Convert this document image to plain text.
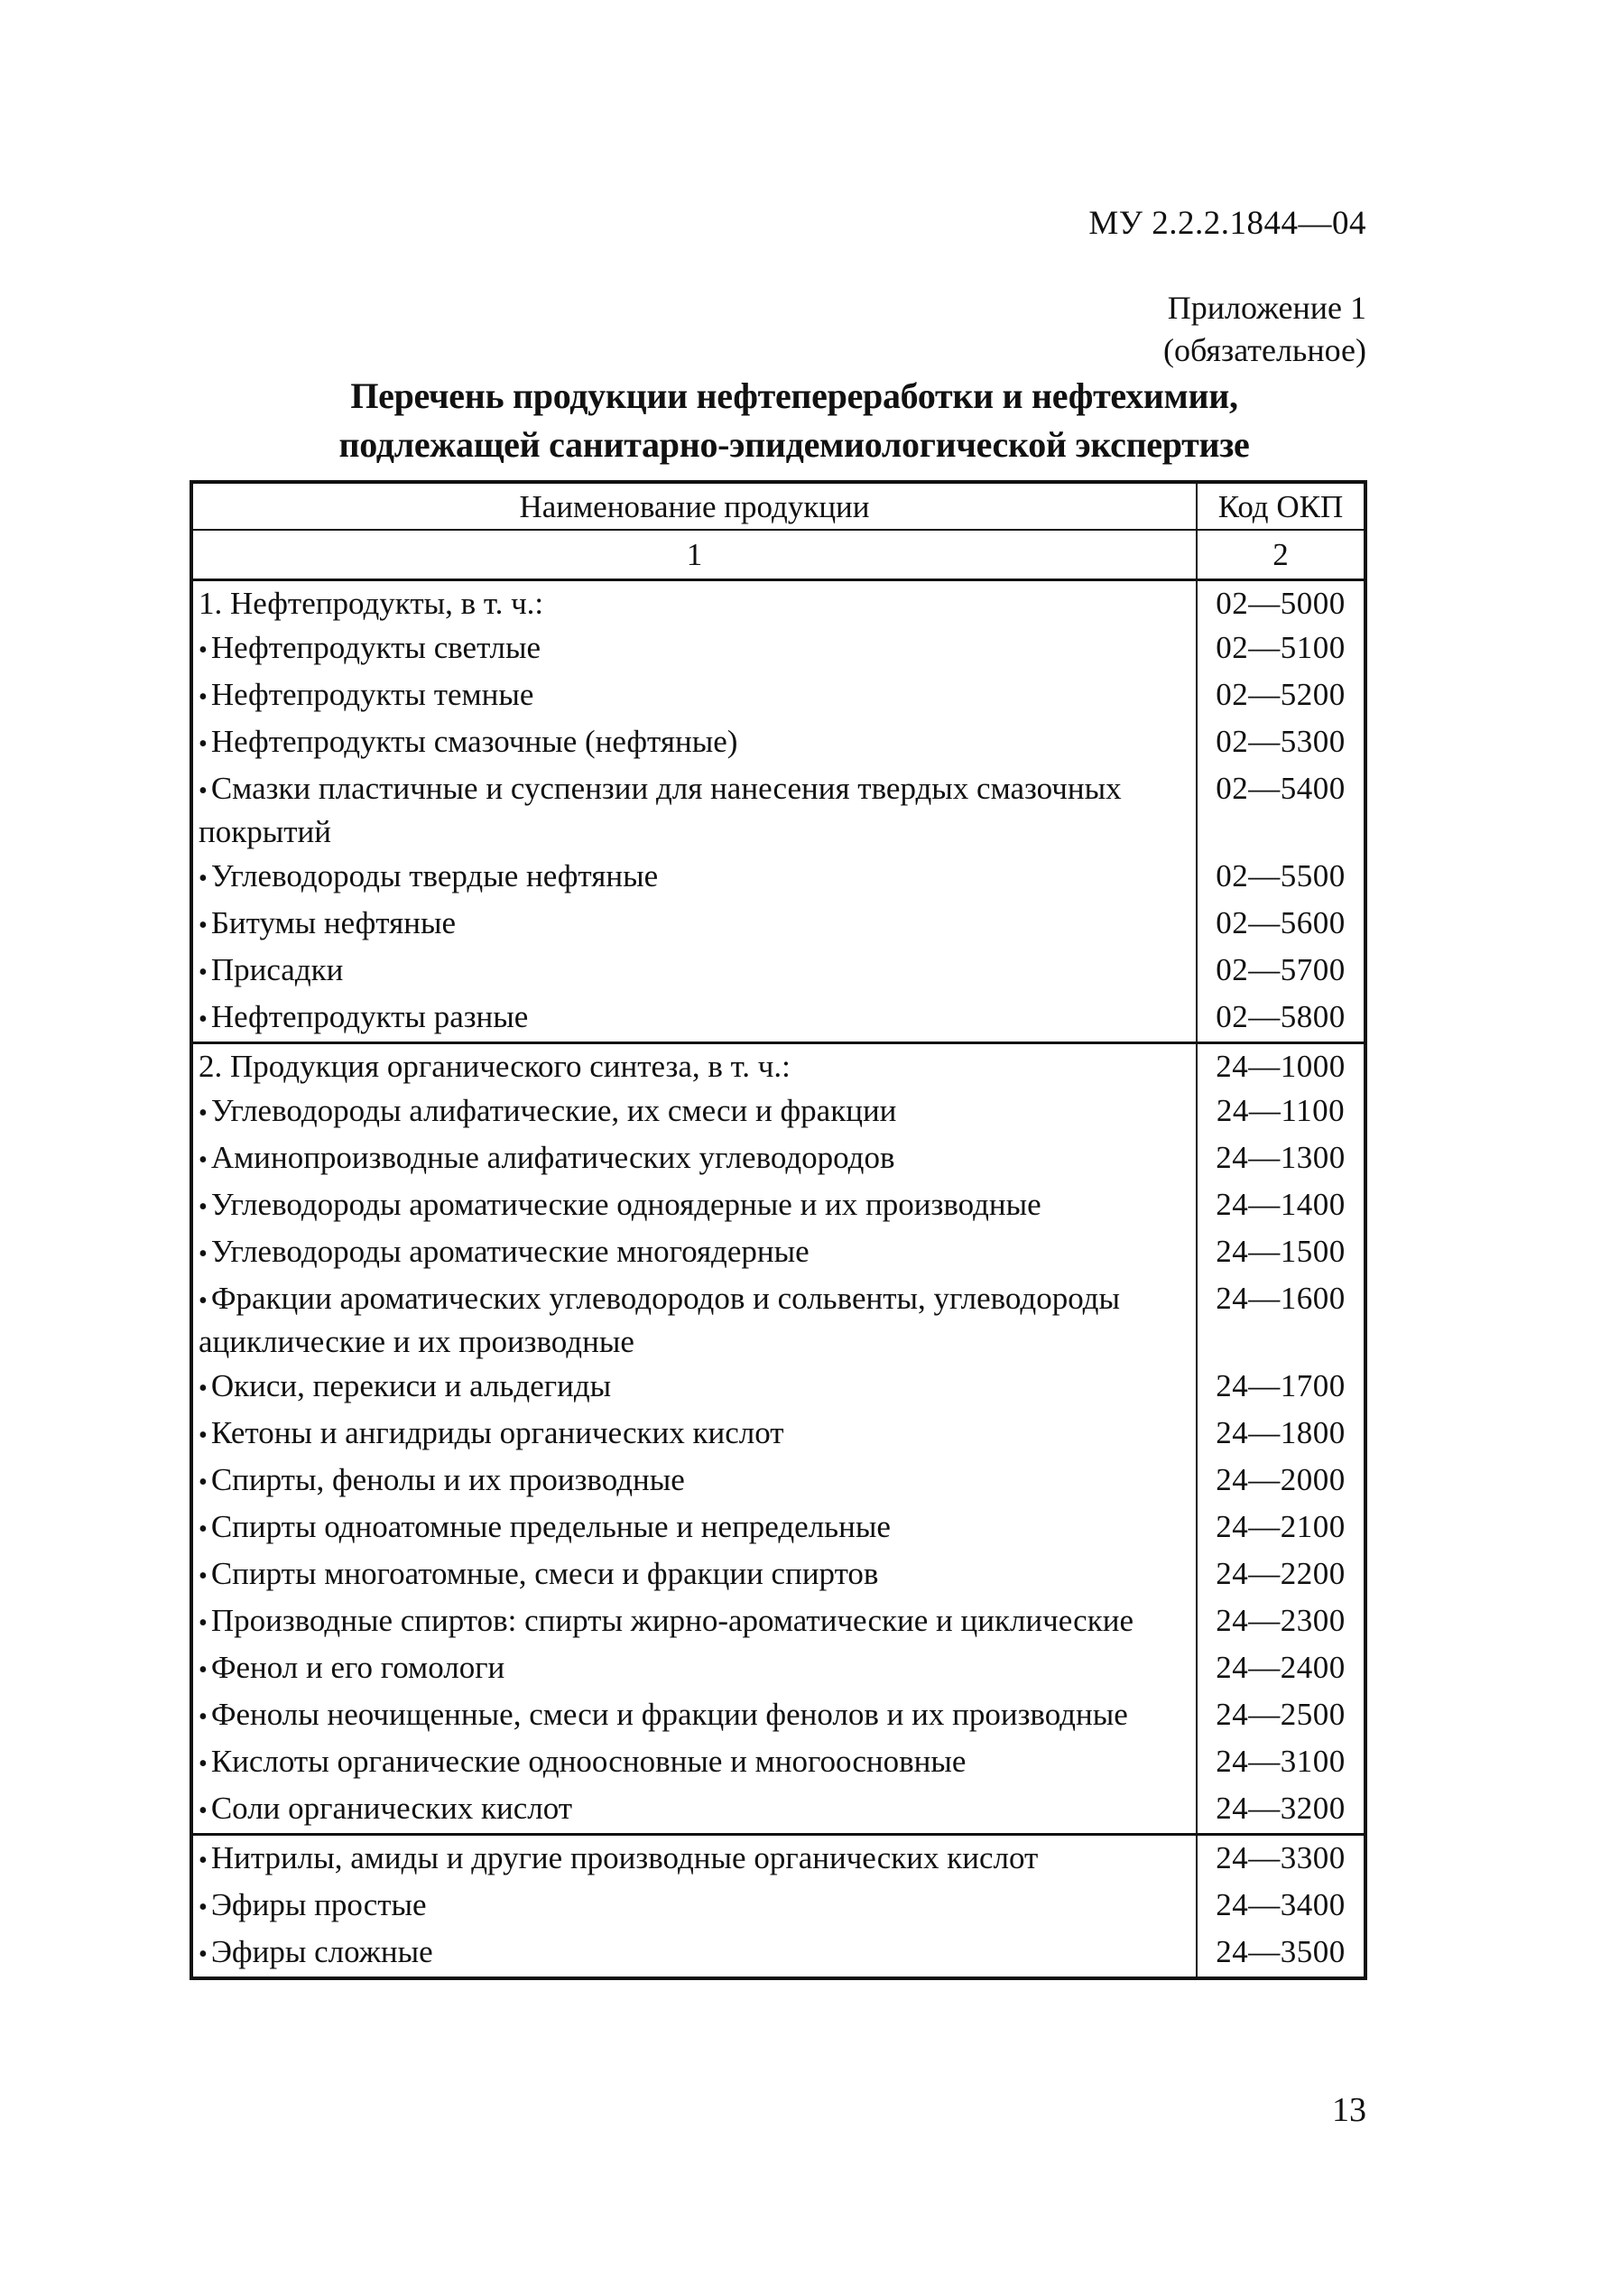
МУ 2.2.2.1844—04
Приложение 1
(обязательное)
Перечень продукции нефтепереработки и нефтехимии,
подлежащей санитарно-эпидемиологической экспертизе
Наименование продукции	Код ОКП
1	2
1. Нефтепродукты, в т. ч.:	02—5000
• Нефтепродукты светлые	02—5100
• Нефтепродукты темные	02—5200
• Нефтепродукты смазочные (нефтяные)	02—5300
• Смазки пластичные и суспензии для нанесения твердых смазочных покрытий	02—5400
• Углеводороды твердые нефтяные	02—5500
• Битумы нефтяные	02—5600
• Присадки	02—5700
• Нефтепродукты разные	02—5800
2. Продукция органического синтеза, в т. ч.:	24—1000
• Углеводороды алифатические, их смеси и фракции	24—1100
• Аминопроизводные алифатических углеводородов	24—1300
• Углеводороды ароматические одноядерные и их производные	24—1400
• Углеводороды ароматические многоядерные	24—1500
• Фракции ароматических углеводородов и сольвенты, углеводороды ациклические и их производные	24—1600
• Окиси, перекиси и альдегиды	24—1700
• Кетоны и ангидриды органических кислот	24—1800
• Спирты, фенолы и их производные	24—2000
• Спирты одноатомные предельные и непредельные	24—2100
• Спирты многоатомные, смеси и фракции спиртов	24—2200
• Производные спиртов: спирты жирно-ароматические и циклические	24—2300
• Фенол и его гомологи	24—2400
• Фенолы неочищенные, смеси и фракции фенолов и их производные	24—2500
• Кислоты органические одноосновные и многоосновные	24—3100
• Соли органических кислот	24—3200
• Нитрилы, амиды и другие производные органических кислот	24—3300
• Эфиры простые	24—3400
• Эфиры сложные	24—3500
13
